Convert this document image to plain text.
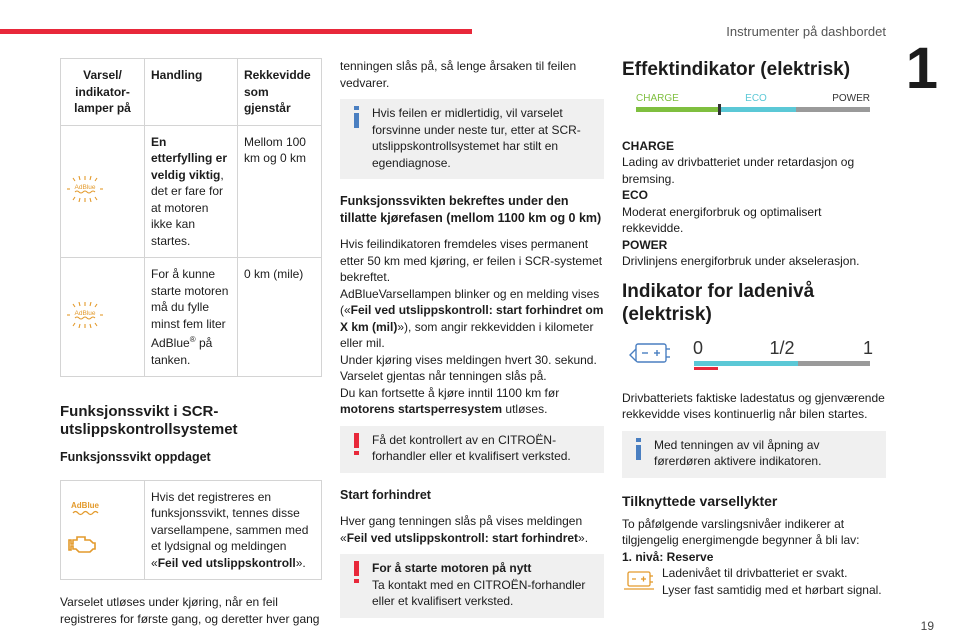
Instrumenter på dashbordet
1
19
Varsel/ indikator-lamper på	Handling	Rekkevidde som gjenstår

AdBlue	En etterfylling er veldig viktig, det er fare for at motoren ikke kan startes.	Mellom 100 km og 0 km

AdBlue	For å kunne starte motoren må du fylle minst fem liter AdBlue® på tanken.	0 km (mile)
Funksjonssvikt i SCR-utslippskontrollsystemet
Funksjonssvikt oppdaget
AdBlue

	Hvis det registreres en funksjonssvikt, tennes disse varsellampene, sammen med et lydsignal og meldingen «Feil ved utslippskontroll».

Varselet utløses under kjøring, når en feil registreres for første gang, og deretter hver gang

tenningen slås på, så lenge årsaken til feilen vedvarer.

Hvis feilen er midlertidig, vil varselet forsvinne under neste tur, etter at SCR-utslippskontrollsystemet har stilt en egendiagnose.
Funksjonssvikten bekreftes under den tillatte kjørefasen (mellom 1100 km og 0 km)

Hvis feilindikatoren fremdeles vises permanent etter 50 km med kjøring, er feilen i SCR-systemet bekreftet.

AdBlueVarsellampen blinker og en melding vises («Feil ved utslippskontroll: start forhindret om X km (mil)»), som angir rekkevidden i kilometer eller mil.

Under kjøring vises meldingen hvert 30. sekund.

Varselet gjentas når tenningen slås på.

Du kan fortsette å kjøre inntil 1100 km før
motorens startsperresystem utløses.

Få det kontrollert av en CITROËN-forhandler eller et kvalifisert verksted.
Start forhindret

Hver gang tenningen slås på vises meldingen «Feil ved utslippskontroll: start forhindret».

For å starte motoren på nytt
Ta kontakt med en CITROËN-forhandler eller et kvalifisert verksted.
Effektindikator (elektrisk)
CHARGE	ECO	POWER

CHARGE

Lading av drivbatteriet under retardasjon og bremsing.

ECO

Moderat energiforbruk og optimalisert rekkevidde.

POWER

Drivlinjens energiforbruk under akselerasjon.

Indikator for ladenivå (elektrisk)
0	1/2	1

Drivbatteriets faktiske ladestatus og gjenværende rekkevidde vises kontinuerlig når bilen startes.

Med tenningen av vil åpning av førerdøren aktivere indikatoren.
Tilknyttede varsellykter

To påfølgende varslingsnivåer indikerer at tilgjengelig energimengde begynner å bli lav:

1. nivå: Reserve

Ladenivået til drivbatteriet er svakt.

Lyser fast samtidig med et hørbart signal.
